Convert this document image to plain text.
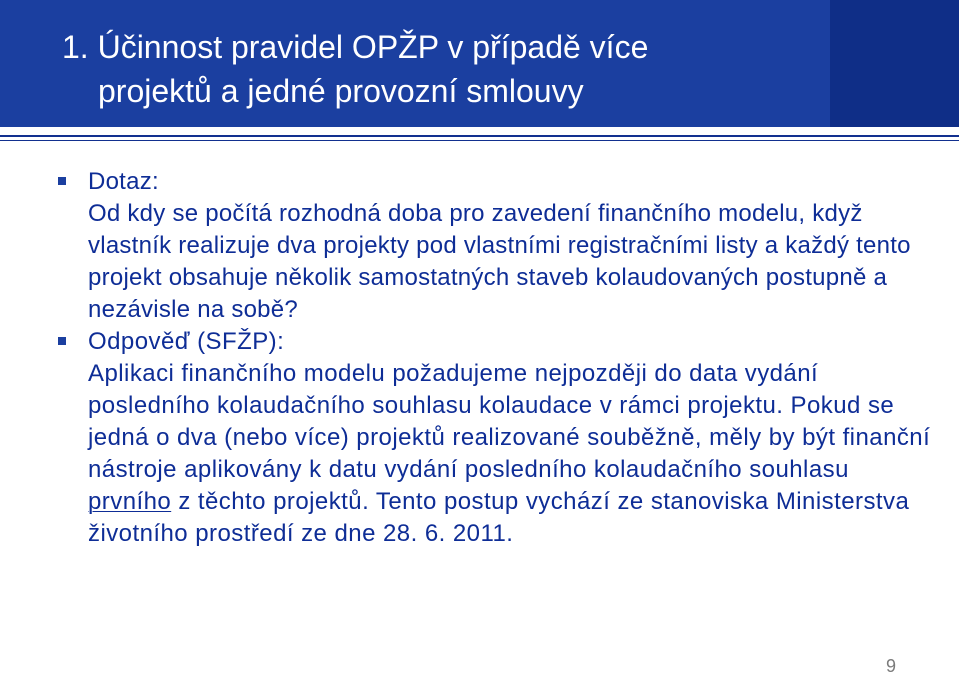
1. Účinnost pravidel OPŽP v případě více
projektů a jedné provozní smlouvy

Dotaz:

Od kdy se počítá rozhodná doba pro zavedení finančního modelu, když vlastník realizuje dva projekty pod vlastními registračními listy a každý tento projekt obsahuje několik samostatných staveb kolaudovaných postupně a nezávisle na sobě?

Odpověď (SFŽP):

Aplikaci finančního modelu požadujeme nejpozději do data vydání posledního kolaudačního souhlasu kolaudace v rámci projektu. Pokud se jedná o dva (nebo více) projektů realizované souběžně, měly by být finanční nástroje aplikovány k datu vydání posledního kolaudačního souhlasu prvního z těchto projektů. Tento postup vychází ze stanoviska Ministerstva životního prostředí ze dne 28. 6. 2011.

9
